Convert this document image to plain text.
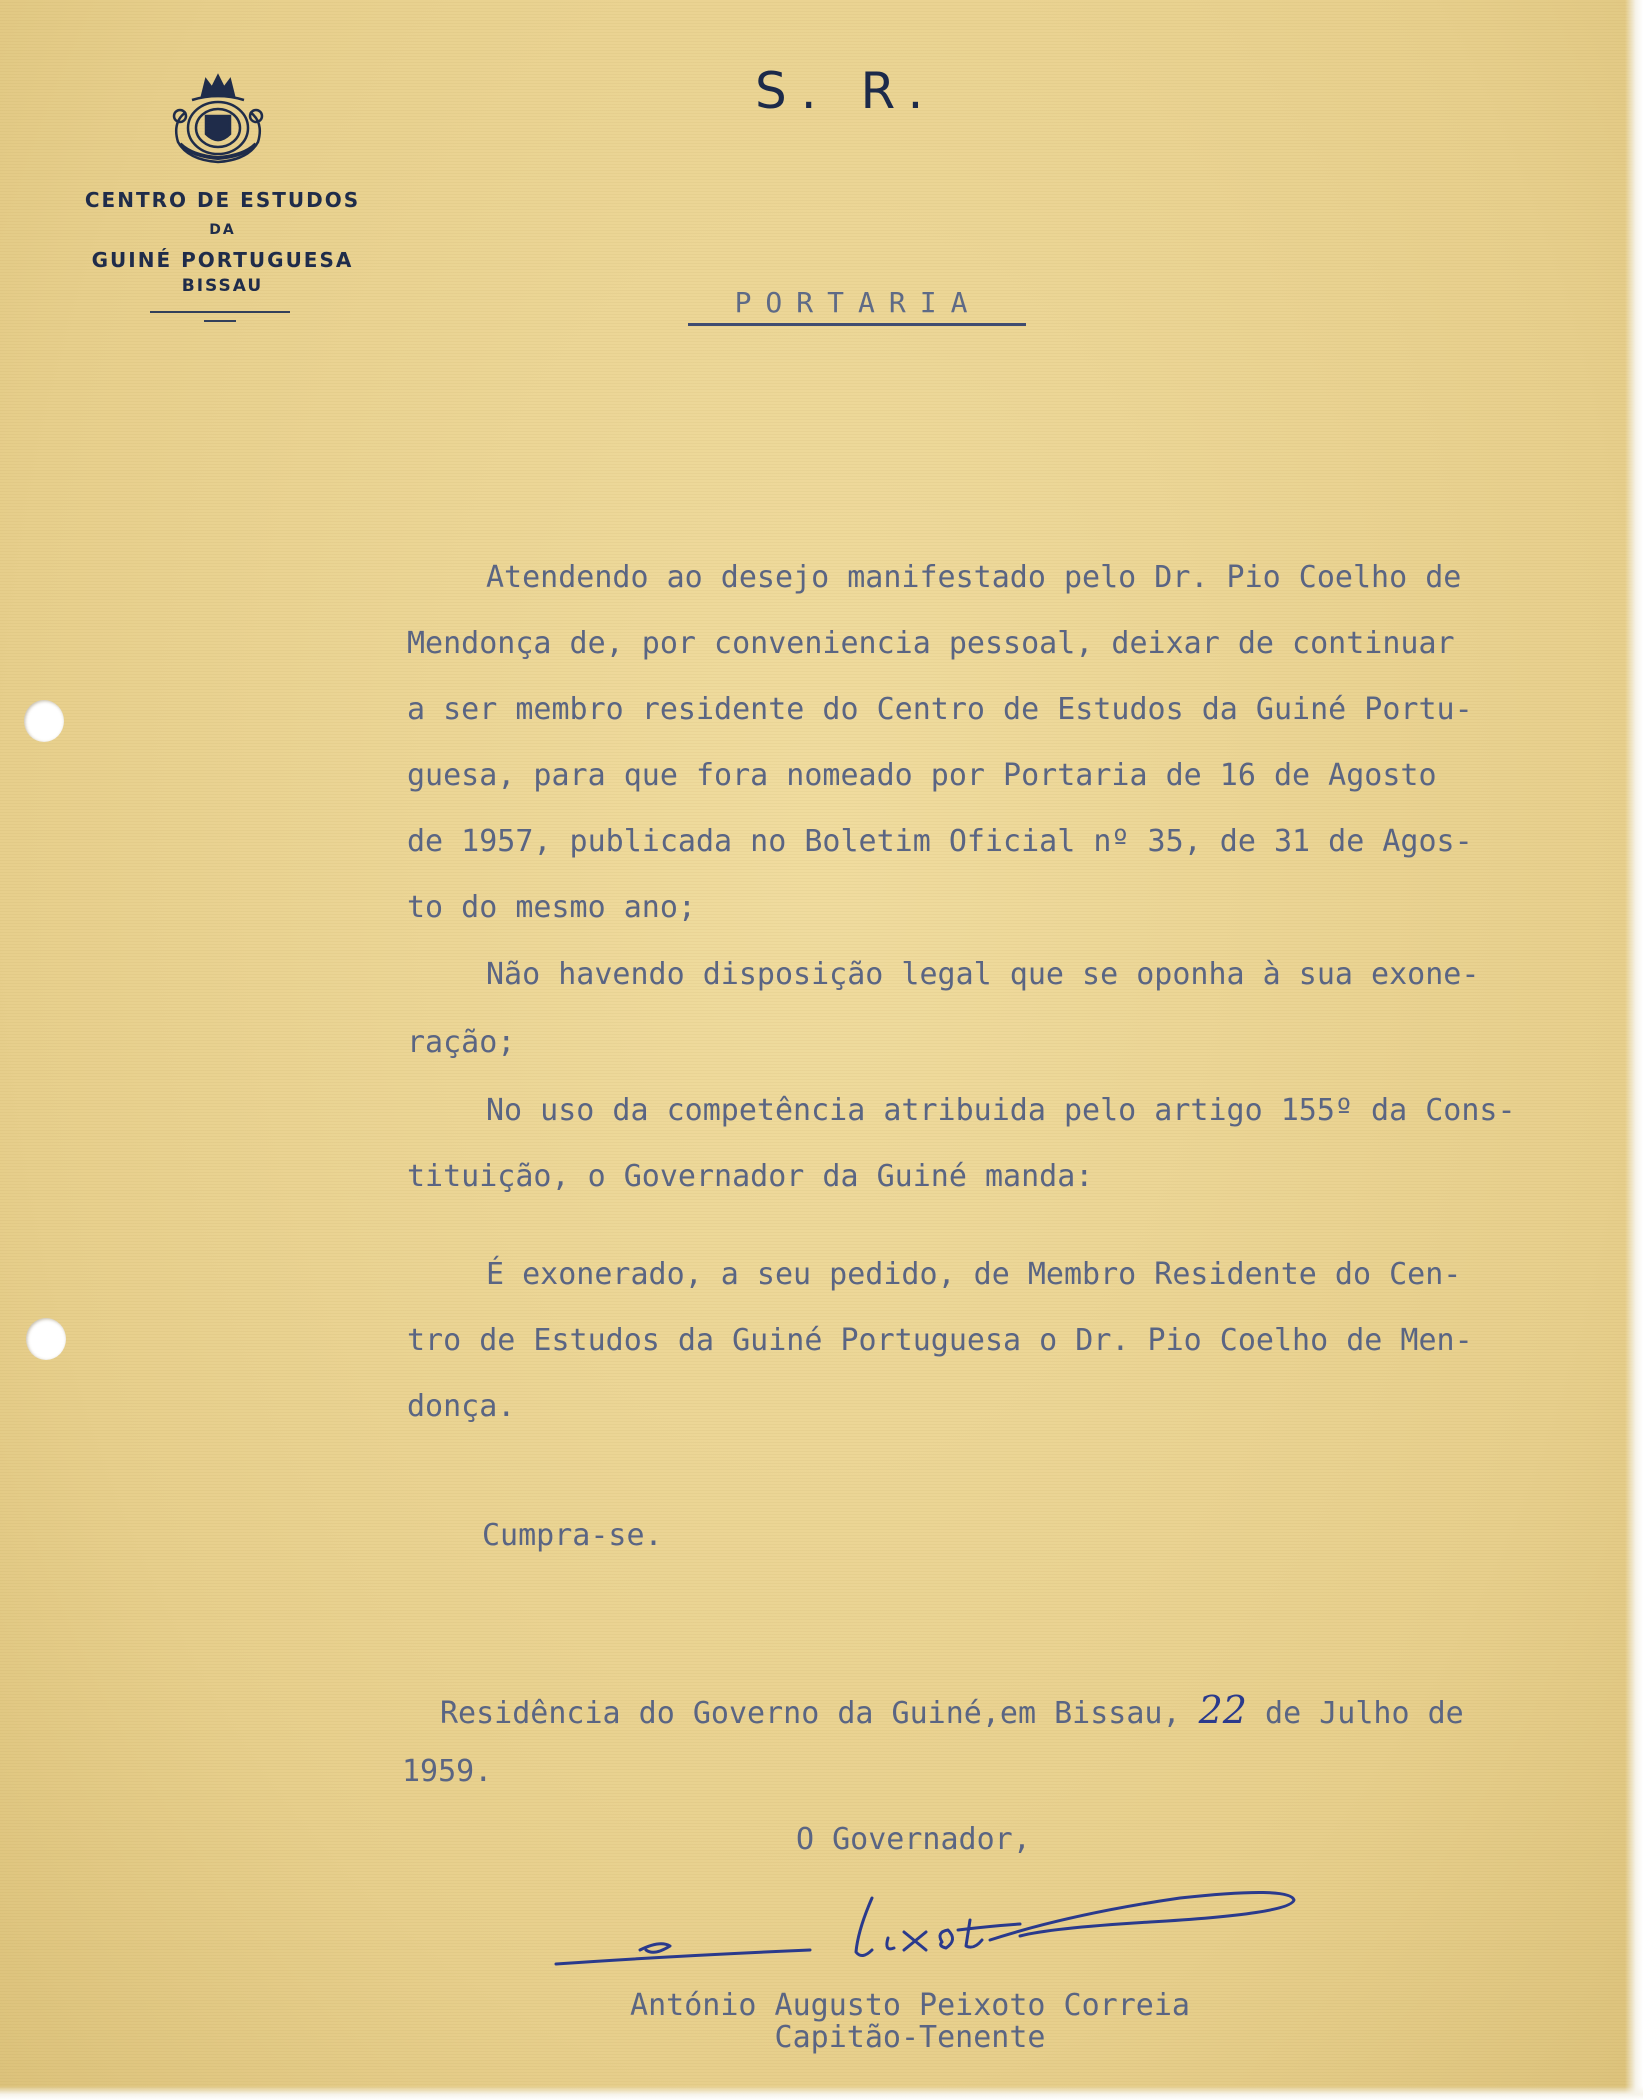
CENTRO DE ESTUDOS
DA
GUINÉ PORTUGUESA
BISSAU
S. R.
PORTARIA
Atendendo ao desejo manifestado pelo Dr. Pio Coelho de
Mendonça de, por conveniencia pessoal, deixar de continuar
a ser membro residente do Centro de Estudos da Guiné Portu-
guesa, para que fora nomeado por Portaria de 16 de Agosto
de 1957, publicada no Boletim Oficial nº 35, de 31 de Agos-
to do mesmo ano;
Não havendo disposição legal que se oponha à sua exone-
ração;
No uso da competência atribuida pelo artigo 155º da Cons-
tituição, o Governador da Guiné manda:
É exonerado, a seu pedido, de Membro Residente do Cen-
tro de Estudos da Guiné Portuguesa o Dr. Pio Coelho de Men-
donça.
Cumpra-se.
Residência do Governo da Guiné,em Bissau, 22 de Julho de
1959.
O Governador,
António Augusto Peixoto Correia
Capitão-Tenente
